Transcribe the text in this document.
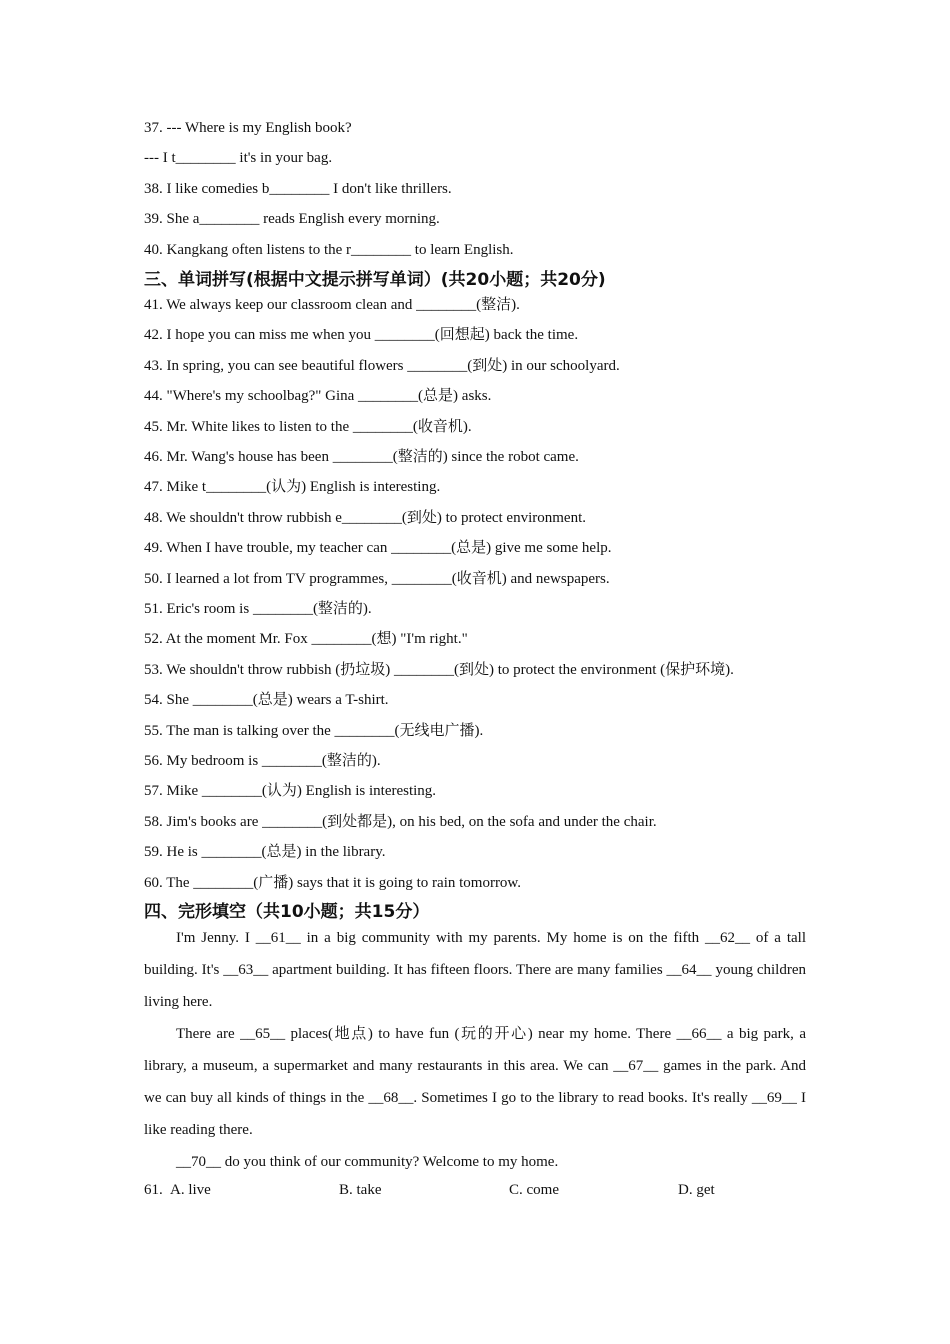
37. --- Where is my English book?
--- I t________ it's in your bag.
38. I like comedies b________ I don't like thrillers.
39. She a________ reads English every morning.
40. Kangkang often listens to the r________ to learn English.
三、单词拼写(根据中文提示拼写单词）(共20小题；共20分)
41. We always keep our classroom clean and ________(整洁).
42. I hope you can miss me when you ________(回想起) back the time.
43. In spring, you can see beautiful flowers ________(到处) in our schoolyard.
44. "Where's my schoolbag?" Gina ________(总是) asks.
45. Mr. White likes to listen to the ________(收音机).
46. Mr. Wang's house has been ________(整洁的) since the robot came.
47. Mike t________(认为) English is interesting.
48. We shouldn't throw rubbish e________(到处) to protect environment.
49. When I have trouble, my teacher can ________(总是) give me some help.
50. I learned a lot from TV programmes, ________(收音机) and newspapers.
51. Eric's room is ________(整洁的).
52. At the moment Mr. Fox ________(想) "I'm right."
53. We shouldn't throw rubbish (扔垃圾) ________(到处) to protect the environment (保护环境).
54. She ________(总是) wears a T-shirt.
55. The man is talking over the ________(无线电广播).
56. My bedroom is ________(整洁的).
57. Mike ________(认为) English is interesting.
58. Jim's books are ________(到处都是), on his bed, on the sofa and under the chair.
59. He is ________(总是) in the library.
60. The ________(广播) says that it is going to rain tomorrow.
四、完形填空（共10小题；共15分）

I'm Jenny. I __61__ in a big community with my parents. My home is on the fifth __62__ of a tall building. It's __63__ apartment building. It has fifteen floors. There are many families __64__ young children living here.

There are __65__ places(地点) to have fun (玩的开心) near my home. There __66__ a big park, a library, a museum, a supermarket and many restaurants in this area. We can __67__ games in the park. And we can buy all kinds of things in the __68__. Sometimes I go to the library to read books. It's really __69__ I like reading there.

__70__ do you think of our community? Welcome to my home.

61. A. live	B. take	C. come	D. get
